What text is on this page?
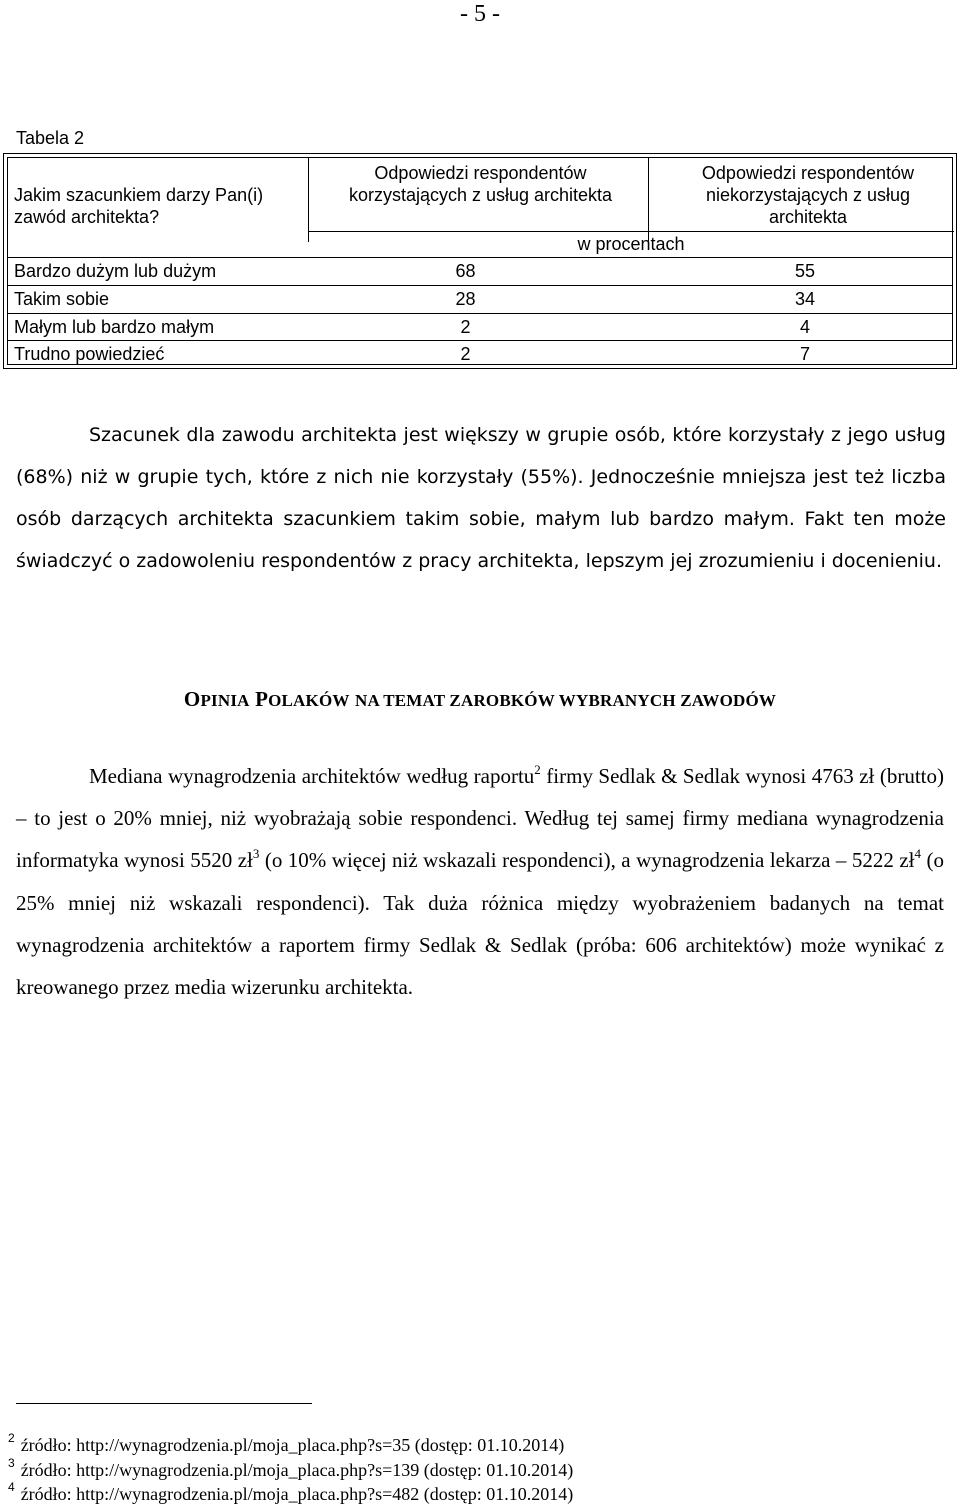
- 5 -
Tabela 2
Jakim szacunkiem darzy Pan(i) zawód architekta?
Odpowiedzi respondentów korzystających z usług architekta
Odpowiedzi respondentów niekorzystających z usług architekta
w procentach
Bardzo dużym lub dużym	68	55
Takim sobie	28	34
Małym lub bardzo małym	2	4
Trudno powiedzieć	2	7
Szacunek dla zawodu architekta jest większy w grupie osób, które korzystały z jego usług (68%) niż w grupie tych, które z nich nie korzystały (55%). Jednocześnie mniejsza jest też liczba osób darzących architekta szacunkiem takim sobie, małym lub bardzo małym. Fakt ten może świadczyć o zadowoleniu respondentów z pracy architekta, lepszym jej zrozumieniu i docenieniu.
OPINIA POLAKÓW NA TEMAT ZAROBKÓW WYBRANYCH ZAWODÓW
Mediana wynagrodzenia architektów według raportu$^2$ firmy Sedlak & Sedlak wynosi 4763 zł (brutto) – to jest o 20% mniej, niż wyobrażają sobie respondenci. Według tej samej firmy mediana wynagrodzenia informatyka wynosi 5520 $zł^3$ (o 10% więcej niż wskazali respondenci), a wynagrodzenia lekarza – 5222 $zł^4$ (o 25% mniej niż wskazali respondenci). Tak duża różnica między wyobrażeniem badanych na temat wynagrodzenia architektów a raportem firmy Sedlak & Sedlak (próba: 606 architektów) może wynikać z kreowanego przez media wizerunku architekta.
$^2$ źródło: http://wynagrodzenia.pl/moja_placa.php?s=35 (dostęp: 01.10.2014)
$^3$ źródło: http://wynagrodzenia.pl/moja_placa.php?s=139 (dostęp: 01.10.2014)
$^4$ źródło: http://wynagrodzenia.pl/moja_placa.php?s=482 (dostęp: 01.10.2014)
